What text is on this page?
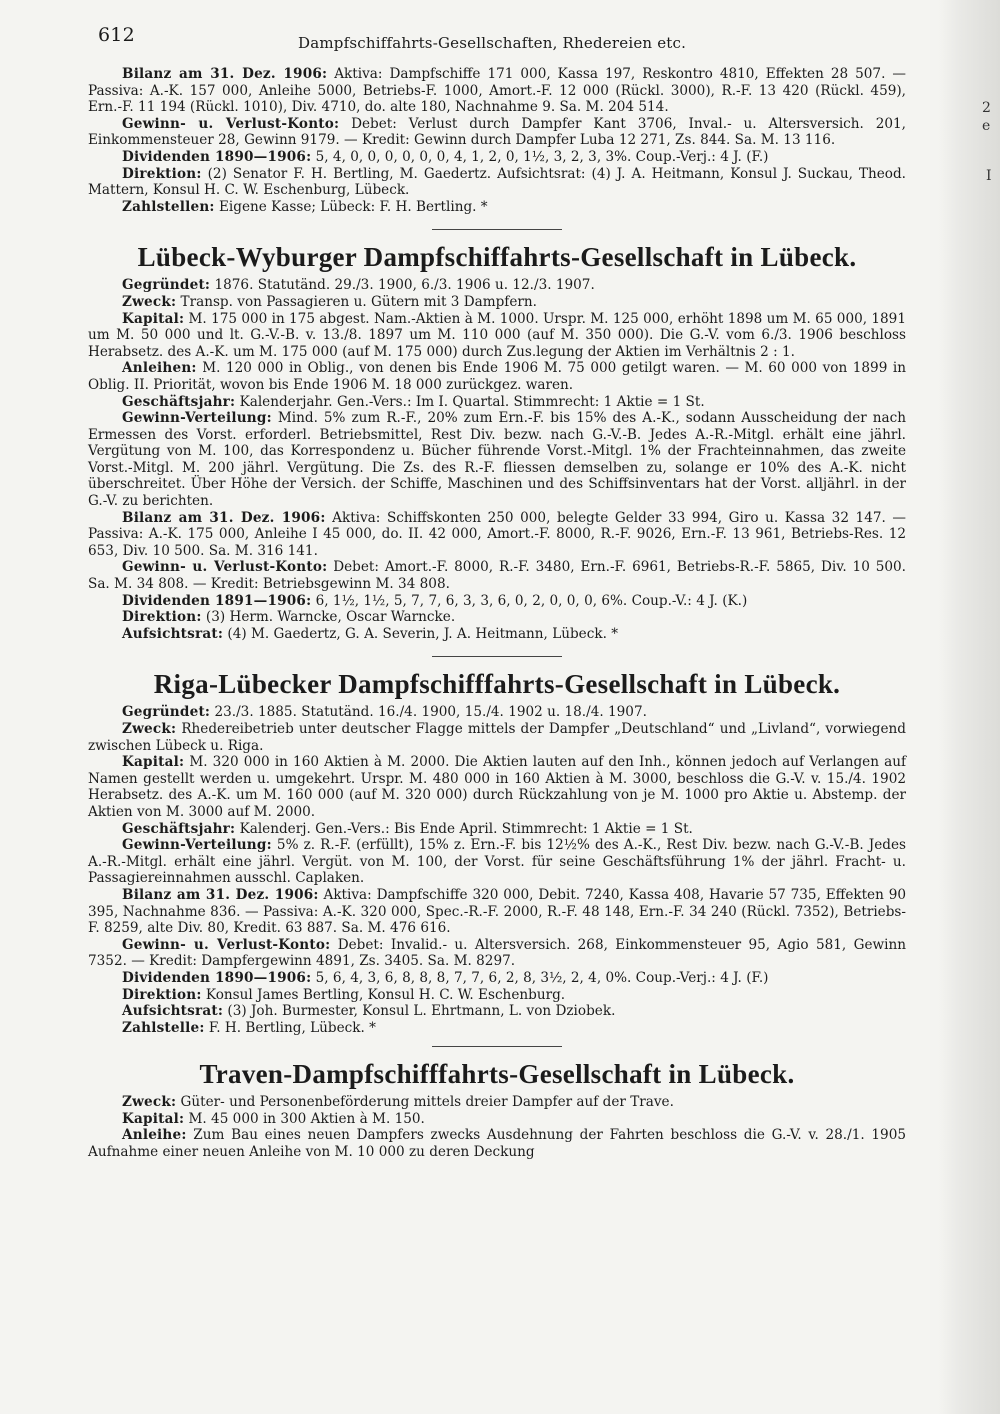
2
e
I
612	Dampfschiffahrts-Gesellschaften, Rhedereien etc.

Bilanz am 31. Dez. 1906: Aktiva: Dampfschiffe 171 000, Kassa 197, Reskontro 4810, Effekten 28 507. — Passiva: A.-K. 157 000, Anleihe 5000, Betriebs-F. 1000, Amort.-F. 12 000 (Rückl. 3000), R.-F. 13 420 (Rückl. 459), Ern.-F. 11 194 (Rückl. 1010), Div. 4710, do. alte 180, Nachnahme 9. Sa. M. 204 514.

Gewinn- u. Verlust-Konto: Debet: Verlust durch Dampfer Kant 3706, Inval.- u. Altersversich. 201, Einkommensteuer 28, Gewinn 9179. — Kredit: Gewinn durch Dampfer Luba 12 271, Zs. 844. Sa. M. 13 116.

Dividenden 1890—1906: 5, 4, 0, 0, 0, 0, 0, 0, 4, 1, 2, 0, 1½, 3, 2, 3, 3%. Coup.-Verj.: 4 J. (F.)

Direktion: (2) Senator F. H. Bertling, M. Gaedertz. Aufsichtsrat: (4) J. A. Heitmann, Konsul J. Suckau, Theod. Mattern, Konsul H. C. W. Eschenburg, Lübeck.

Zahlstellen: Eigene Kasse; Lübeck: F. H. Bertling. *

Lübeck-Wyburger Dampfschiffahrts-Gesellschaft in Lübeck.

Gegründet: 1876. Statutänd. 29./3. 1900, 6./3. 1906 u. 12./3. 1907.

Zweck: Transp. von Passagieren u. Gütern mit 3 Dampfern.

Kapital: M. 175 000 in 175 abgest. Nam.-Aktien à M. 1000. Urspr. M. 125 000, erhöht 1898 um M. 65 000, 1891 um M. 50 000 und lt. G.-V.-B. v. 13./8. 1897 um M. 110 000 (auf M. 350 000). Die G.-V. vom 6./3. 1906 beschloss Herabsetz. des A.-K. um M. 175 000 (auf M. 175 000) durch Zus.legung der Aktien im Verhältnis 2 : 1.

Anleihen: M. 120 000 in Oblig., von denen bis Ende 1906 M. 75 000 getilgt waren. — M. 60 000 von 1899 in Oblig. II. Priorität, wovon bis Ende 1906 M. 18 000 zurückgez. waren.

Geschäftsjahr: Kalenderjahr. Gen.-Vers.: Im I. Quartal. Stimmrecht: 1 Aktie = 1 St.

Gewinn-Verteilung: Mind. 5% zum R.-F., 20% zum Ern.-F. bis 15% des A.-K., sodann Ausscheidung der nach Ermessen des Vorst. erforderl. Betriebsmittel, Rest Div. bezw. nach G.-V.-B. Jedes A.-R.-Mitgl. erhält eine jährl. Vergütung von M. 100, das Korrespondenz u. Bücher führende Vorst.-Mitgl. 1% der Frachteinnahmen, das zweite Vorst.-Mitgl. M. 200 jährl. Vergütung. Die Zs. des R.-F. fliessen demselben zu, solange er 10% des A.-K. nicht überschreitet. Über Höhe der Versich. der Schiffe, Maschinen und des Schiffsinventars hat der Vorst. alljährl. in der G.-V. zu berichten.

Bilanz am 31. Dez. 1906: Aktiva: Schiffskonten 250 000, belegte Gelder 33 994, Giro u. Kassa 32 147. — Passiva: A.-K. 175 000, Anleihe I 45 000, do. II. 42 000, Amort.-F. 8000, R.-F. 9026, Ern.-F. 13 961, Betriebs-Res. 12 653, Div. 10 500. Sa. M. 316 141.

Gewinn- u. Verlust-Konto: Debet: Amort.-F. 8000, R.-F. 3480, Ern.-F. 6961, Betriebs-R.-F. 5865, Div. 10 500. Sa. M. 34 808. — Kredit: Betriebsgewinn M. 34 808.

Dividenden 1891—1906: 6, 1½, 1½, 5, 7, 7, 6, 3, 3, 6, 0, 2, 0, 0, 0, 6%. Coup.-V.: 4 J. (K.)

Direktion: (3) Herm. Warncke, Oscar Warncke.

Aufsichtsrat: (4) M. Gaedertz, G. A. Severin, J. A. Heitmann, Lübeck. *

Riga-Lübecker Dampfschifffahrts-Gesellschaft in Lübeck.

Gegründet: 23./3. 1885. Statutänd. 16./4. 1900, 15./4. 1902 u. 18./4. 1907.

Zweck: Rhedereibetrieb unter deutscher Flagge mittels der Dampfer „Deutschland“ und „Livland“, vorwiegend zwischen Lübeck u. Riga.

Kapital: M. 320 000 in 160 Aktien à M. 2000. Die Aktien lauten auf den Inh., können jedoch auf Verlangen auf Namen gestellt werden u. umgekehrt. Urspr. M. 480 000 in 160 Aktien à M. 3000, beschloss die G.-V. v. 15./4. 1902 Herabsetz. des A.-K. um M. 160 000 (auf M. 320 000) durch Rückzahlung von je M. 1000 pro Aktie u. Abstemp. der Aktien von M. 3000 auf M. 2000.

Geschäftsjahr: Kalenderj. Gen.-Vers.: Bis Ende April. Stimmrecht: 1 Aktie = 1 St.

Gewinn-Verteilung: 5% z. R.-F. (erfüllt), 15% z. Ern.-F. bis 12½% des A.-K., Rest Div. bezw. nach G.-V.-B. Jedes A.-R.-Mitgl. erhält eine jährl. Vergüt. von M. 100, der Vorst. für seine Geschäftsführung 1% der jährl. Fracht- u. Passagiereinnahmen ausschl. Caplaken.

Bilanz am 31. Dez. 1906: Aktiva: Dampfschiffe 320 000, Debit. 7240, Kassa 408, Havarie 57 735, Effekten 90 395, Nachnahme 836. — Passiva: A.-K. 320 000, Spec.-R.-F. 2000, R.-F. 48 148, Ern.-F. 34 240 (Rückl. 7352), Betriebs-F. 8259, alte Div. 80, Kredit. 63 887. Sa. M. 476 616.

Gewinn- u. Verlust-Konto: Debet: Invalid.- u. Altersversich. 268, Einkommensteuer 95, Agio 581, Gewinn 7352. — Kredit: Dampfergewinn 4891, Zs. 3405. Sa. M. 8297.

Dividenden 1890—1906: 5, 6, 4, 3, 6, 8, 8, 8, 7, 7, 6, 2, 8, 3½, 2, 4, 0%. Coup.-Verj.: 4 J. (F.)

Direktion: Konsul James Bertling, Konsul H. C. W. Eschenburg.

Aufsichtsrat: (3) Joh. Burmester, Konsul L. Ehrtmann, L. von Dziobek.

Zahlstelle: F. H. Bertling, Lübeck. *

Traven-Dampfschifffahrts-Gesellschaft in Lübeck.

Zweck: Güter- und Personenbeförderung mittels dreier Dampfer auf der Trave.

Kapital: M. 45 000 in 300 Aktien à M. 150.

Anleihe: Zum Bau eines neuen Dampfers zwecks Ausdehnung der Fahrten beschloss die G.-V. v. 28./1. 1905 Aufnahme einer neuen Anleihe von M. 10 000 zu deren Deckung
